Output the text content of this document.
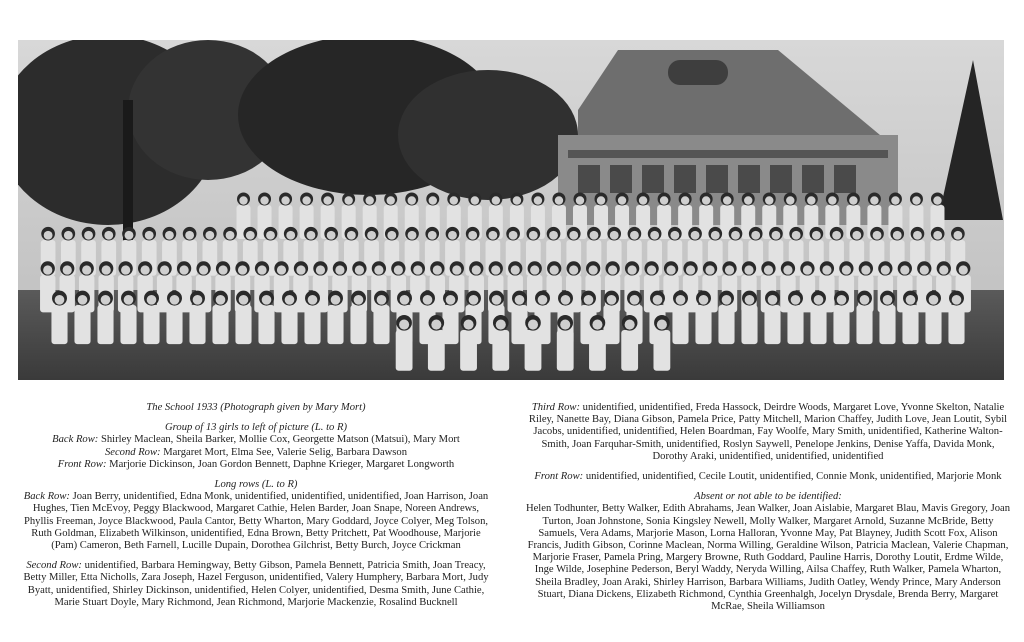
The School 1933 (Photograph given by Mary Mort)

Group of 13 girls to left of picture (L. to R)

Back Row: Shirley Maclean, Sheila Barker, Mollie Cox, Georgette Matson (Matsui), Mary Mort

Second Row: Margaret Mort, Elma See, Valerie Selig, Barbara Dawson

Front Row: Marjorie Dickinson, Joan Gordon Bennett, Daphne Krieger, Margaret Longworth

Long rows (L. to R)

Back Row: Joan Berry, unidentified, Edna Monk, unidentified, unidentified, unidentified, Joan Harrison, Joan Hughes, Tien McEvoy, Peggy Blackwood, Margaret Cathie, Helen Barder, Joan Snape, Noreen Andrews, Phyllis Freeman, Joyce Blackwood, Paula Cantor, Betty Wharton, Mary Goddard, Joyce Colyer, Meg Tolson, Ruth Goldman, Elizabeth Wilkinson, unidentified, Edna Brown, Betty Pritchett, Pat Woodhouse, Marjorie (Pam) Cameron, Beth Farnell, Lucille Dupain, Dorothea Gilchrist, Betty Burch, Joyce Crickman

Second Row: unidentified, Barbara Hemingway, Betty Gibson, Pamela Bennett, Patricia Smith, Joan Treacy, Betty Miller, Etta Nicholls, Zara Joseph, Hazel Ferguson, unidentified, Valery Humphery, Barbara Mort, Judy Byatt, unidentified, Shirley Dickinson, unidentified, Helen Colyer, unidentified, Desma Smith, June Cathie, Marie Stuart Doyle, Mary Richmond, Jean Richmond, Marjorie Mackenzie, Rosalind Bucknell

Third Row: unidentified, unidentified, Freda Hassock, Deirdre Woods, Margaret Love, Yvonne Skelton, Natalie Riley, Nanette Bay, Diana Gibson, Pamela Price, Patty Mitchell, Marion Chaffey, Judith Love, Jean Loutit, Sybil Jacobs, unidentified, unidentified, Helen Boardman, Fay Woolfe, Mary Smith, unidentified, Katherine Walton-Smith, Joan Farquhar-Smith, unidentified, Roslyn Saywell, Penelope Jenkins, Denise Yaffa, Davida Monk, Dorothy Araki, unidentified, unidentified, unidentified

Front Row: unidentified, unidentified, Cecile Loutit, unidentified, Connie Monk, unidentified, Marjorie Monk

Absent or not able to be identified:

Helen Todhunter, Betty Walker, Edith Abrahams, Jean Walker, Joan Aislabie, Margaret Blau, Mavis Gregory, Joan Turton, Joan Johnstone, Sonia Kingsley Newell, Molly Walker, Margaret Arnold, Suzanne McBride, Betty Samuels, Vera Adams, Marjorie Mason, Lorna Halloran, Yvonne May, Pat Blayney, Judith Scott Fox, Alison Francis, Judith Gibson, Corinne Maclean, Norma Willing, Geraldine Wilson, Patricia Maclean, Valerie Chapman, Marjorie Fraser, Pamela Pring, Margery Browne, Ruth Goddard, Pauline Harris, Dorothy Loutit, Erdme Wilde, Inge Wilde, Josephine Pederson, Beryl Waddy, Neryda Willing, Ailsa Chaffey, Ruth Walker, Pamela Wharton, Sheila Bradley, Joan Araki, Shirley Harrison, Barbara Williams, Judith Oatley, Wendy Prince, Mary Anderson Stuart, Diana Dickens, Elizabeth Richmond, Cynthia Greenhalgh, Jocelyn Drysdale, Brenda Berry, Margaret McRae, Sheila Williamson
